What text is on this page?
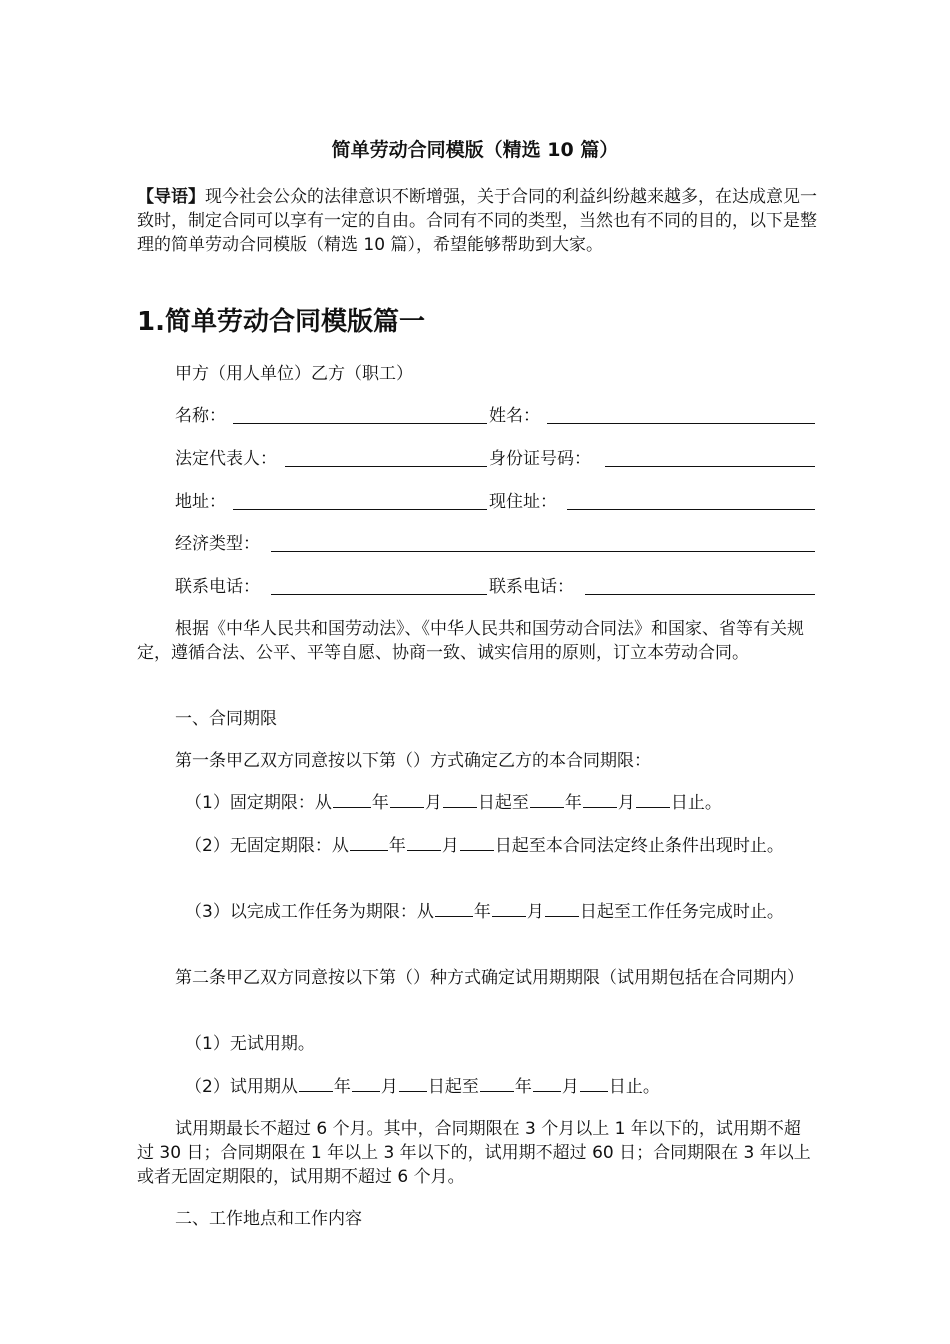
简单劳动合同模版（精选 10 篇）

【导语】现今社会公众的法律意识不断增强，关于合同的利益纠纷越来越多，在达成意见一致时，制定合同可以享有一定的自由。合同有不同的类型，当然也有不同的目的，以下是整理的简单劳动合同模版（精选 10 篇），希望能够帮助到大家。

1.简单劳动合同模版篇一
甲方（用人单位）乙方（职工）
名称：	姓名：
法定代表人：	身份证号码：
地址：	现住址：
经济类型：
联系电话：	联系电话：

根据《中华人民共和国劳动法》、《中华人民共和国劳动合同法》和国家、省等有关规定，遵循合法、公平、平等自愿、协商一致、诚实信用的原则，订立本劳动合同。

一、合同期限

第一条甲乙双方同意按以下第（）方式确定乙方的本合同期限：

（1）固定期限：从 年 月 日起至 年 月 日止。

（2）无固定期限：从 年 月 日起至本合同法定终止条件出现时止。

（3）以完成工作任务为期限：从 年 月 日起至工作任务完成时止。

第二条甲乙双方同意按以下第（）种方式确定试用期期限（试用期包括在合同期内）

（1）无试用期。

（2）试用期从 年 月 日起至 年 月 日止。

试用期最长不超过 6 个月。其中，合同期限在 3 个月以上 1 年以下的，试用期不超过 30 日；合同期限在 1 年以上 3 年以下的，试用期不超过 60 日；合同期限在 3 年以上或者无固定期限的，试用期不超过 6 个月。

二、工作地点和工作内容
